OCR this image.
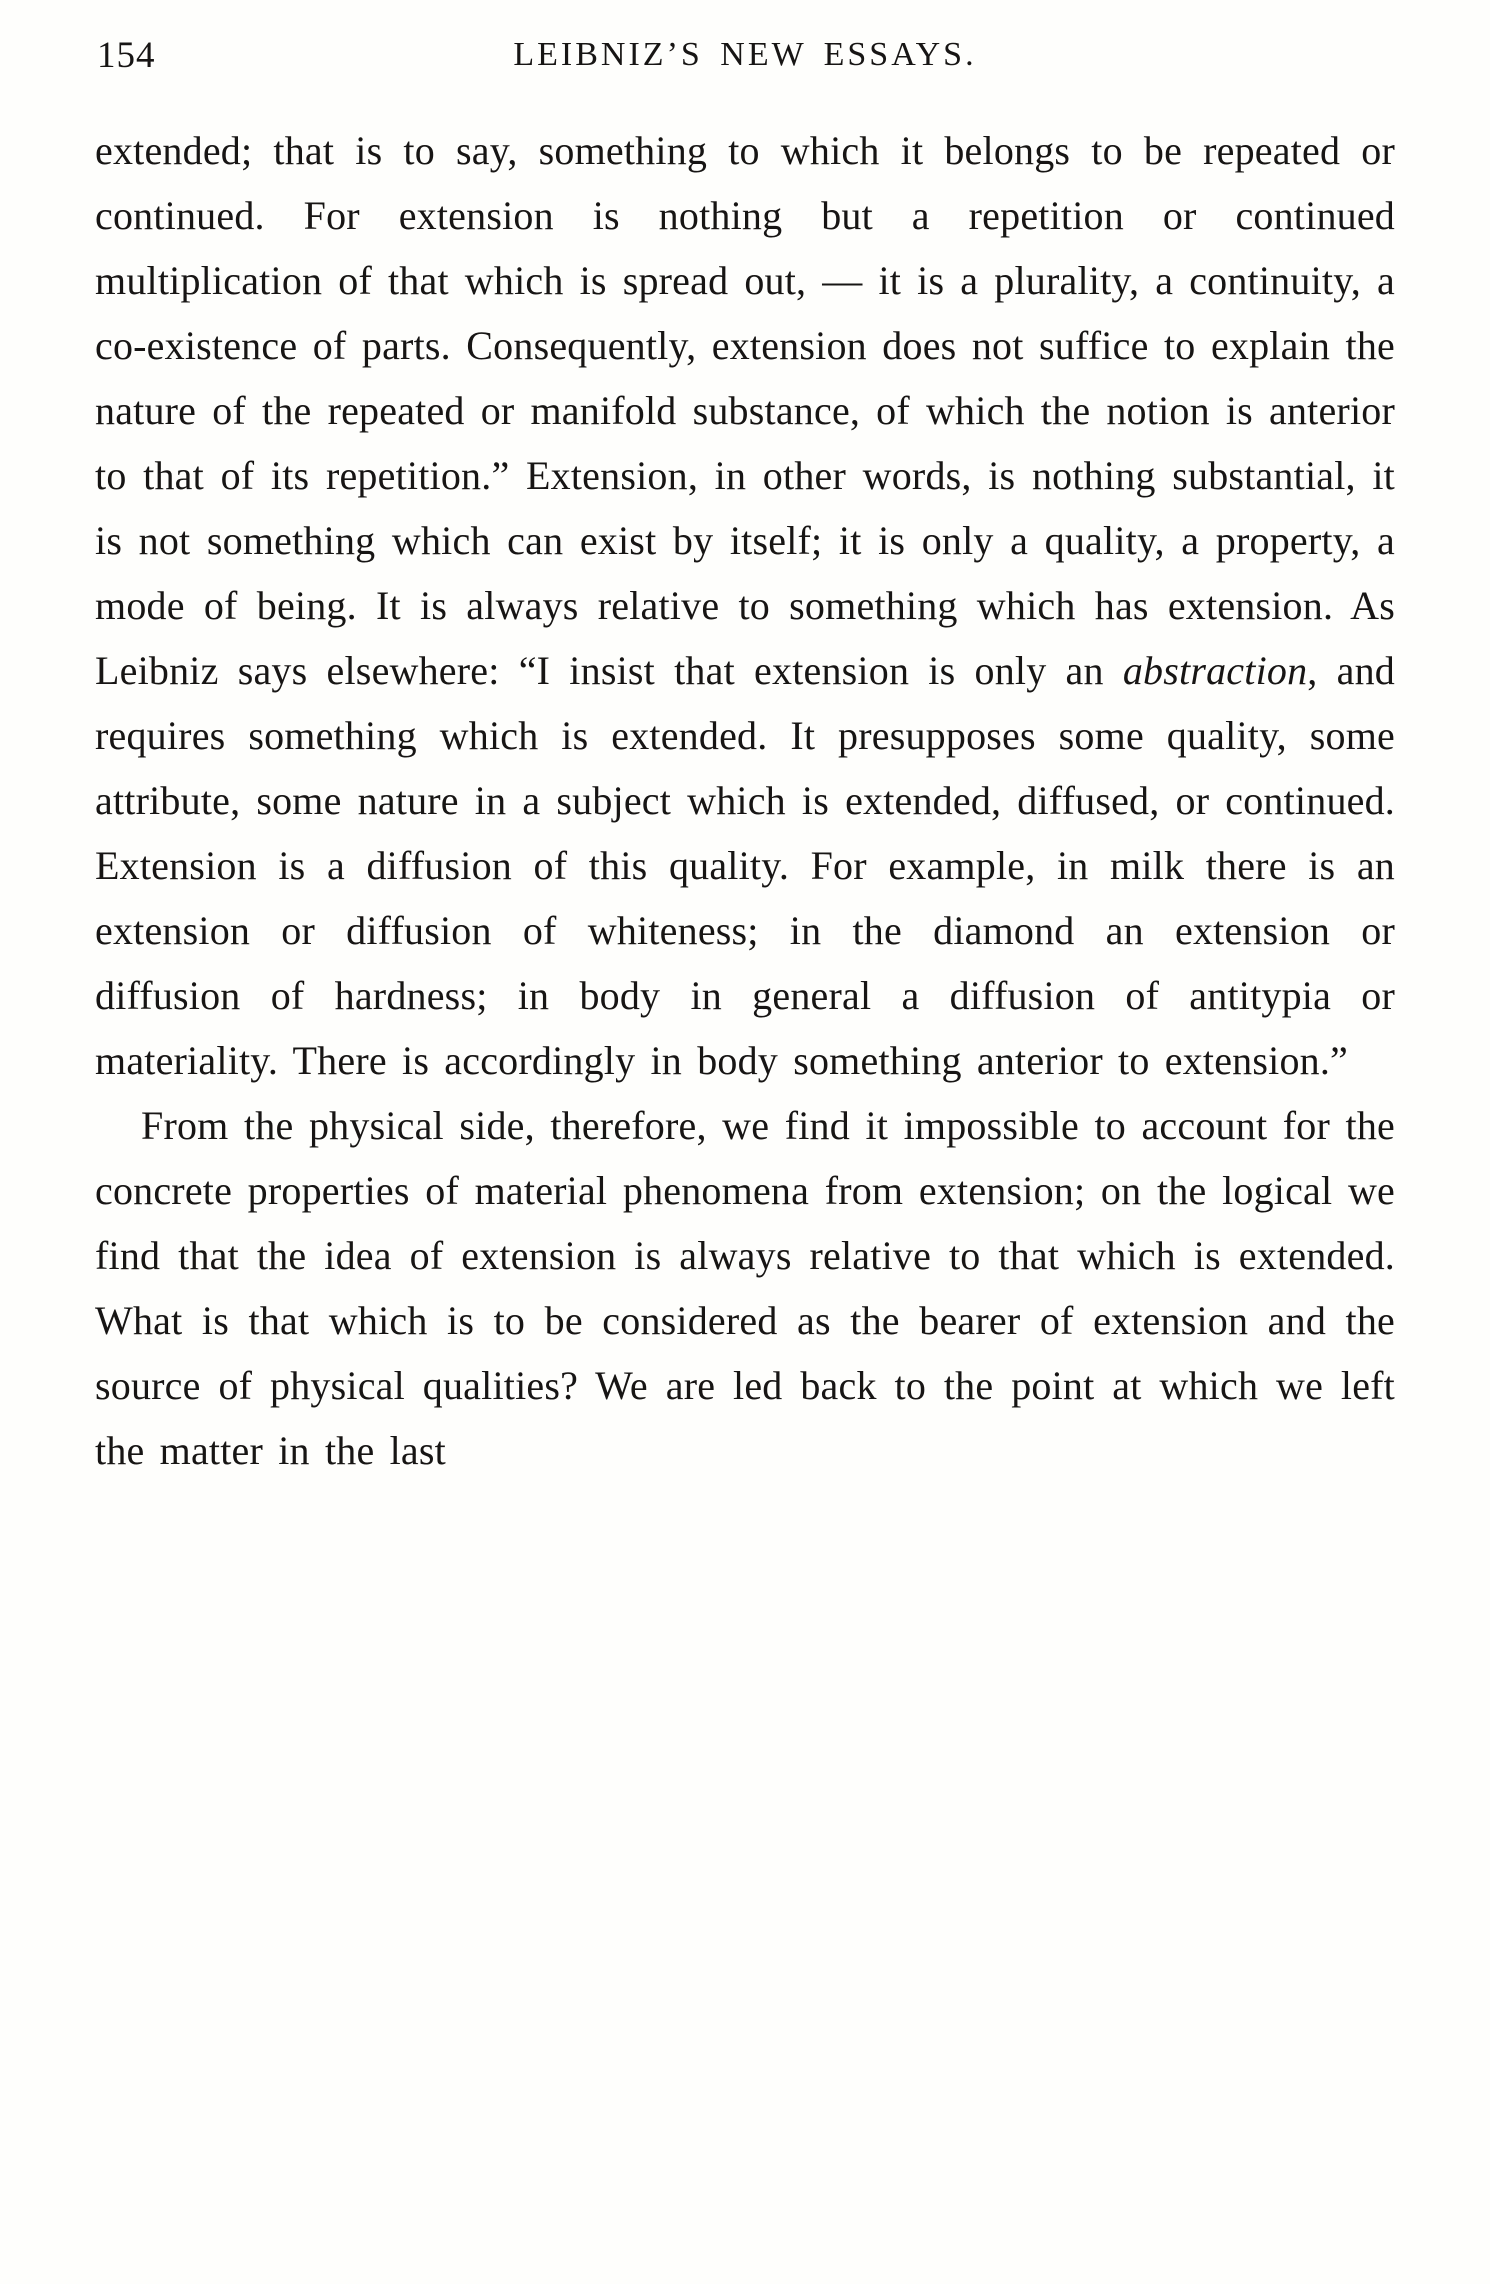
154	LEIBNIZ’S NEW ESSAYS.

extended; that is to say, something to which it belongs to be repeated or continued. For extension is nothing but a repetition or continued multiplication of that which is spread out, — it is a plurality, a continuity, a co-existence of parts. Consequently, extension does not suffice to explain the nature of the repeated or manifold substance, of which the notion is anterior to that of its repetition.” Extension, in other words, is nothing substantial, it is not something which can exist by itself; it is only a quality, a property, a mode of being. It is always relative to something which has extension. As Leibniz says elsewhere: “I insist that extension is only an abstraction, and requires something which is extended. It presupposes some quality, some attribute, some nature in a subject which is extended, diffused, or continued. Extension is a diffusion of this quality. For example, in milk there is an extension or diffusion of whiteness; in the diamond an extension or diffusion of hardness; in body in general a diffusion of antitypia or materiality. There is accordingly in body something anterior to extension.”

From the physical side, therefore, we find it impossible to account for the concrete properties of material phenomena from extension; on the logical we find that the idea of extension is always relative to that which is extended. What is that which is to be considered as the bearer of extension and the source of physical qualities? We are led back to the point at which we left the matter in the last
